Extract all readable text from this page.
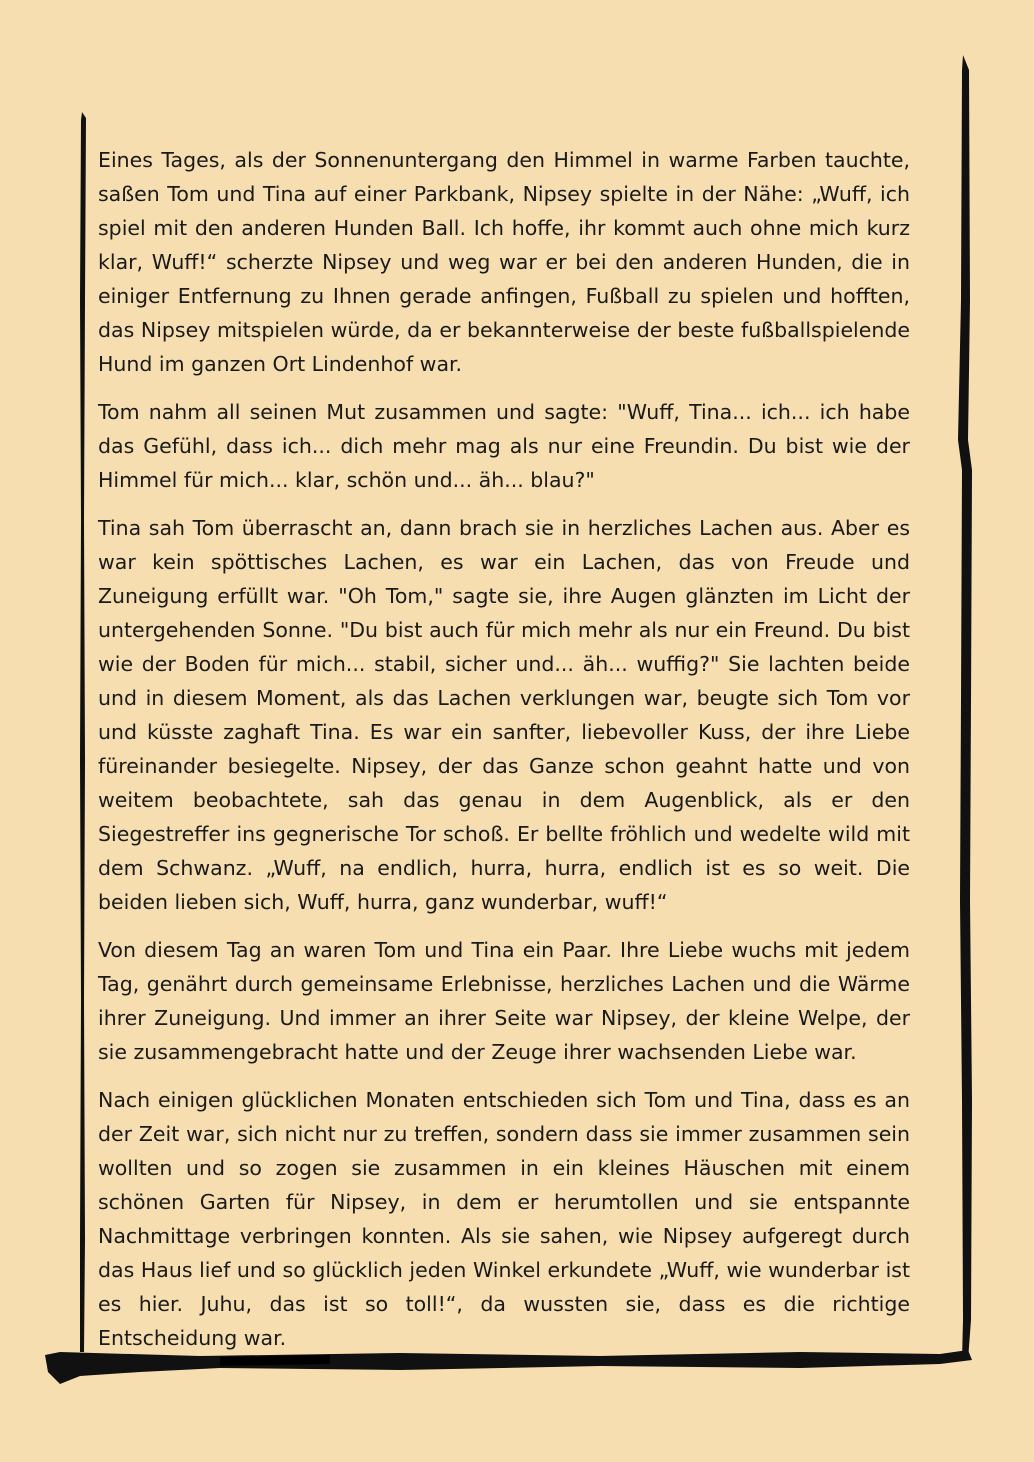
Eines Tages, als der Sonnenuntergang den Himmel in warme Farben tauchte, saßen Tom und Tina auf einer Parkbank, Nipsey spielte in der Nähe: „Wuff, ich spiel mit den anderen Hunden Ball. Ich hoffe, ihr kommt auch ohne mich kurz klar, Wuff!“ scherzte Nipsey und weg war er bei den anderen Hunden, die in einiger Entfernung zu Ihnen gerade anfingen, Fußball zu spielen und hofften, das Nipsey mitspielen würde, da er bekannterweise der beste fußballspielende Hund im ganzen Ort Lindenhof war.

Tom nahm all seinen Mut zusammen und sagte: "Wuff, Tina... ich... ich habe das Gefühl, dass ich... dich mehr mag als nur eine Freundin. Du bist wie der Himmel für mich... klar, schön und... äh... blau?"

Tina sah Tom überrascht an, dann brach sie in herzliches Lachen aus. Aber es war kein spöttisches Lachen, es war ein Lachen, das von Freude und Zuneigung erfüllt war. "Oh Tom," sagte sie, ihre Augen glänzten im Licht der untergehenden Sonne. "Du bist auch für mich mehr als nur ein Freund. Du bist wie der Boden für mich... stabil, sicher und... äh... wuffig?" Sie lachten beide und in diesem Moment, als das Lachen verklungen war, beugte sich Tom vor und küsste zaghaft Tina. Es war ein sanfter, liebevoller Kuss, der ihre Liebe füreinander besiegelte. Nipsey, der das Ganze schon geahnt hatte und von weitem beobachtete, sah das genau in dem Augenblick, als er den Siegestreffer ins gegnerische Tor schoß. Er bellte fröhlich und wedelte wild mit dem Schwanz. „Wuff, na endlich, hurra, hurra, endlich ist es so weit. Die beiden lieben sich, Wuff, hurra, ganz wunderbar, wuff!“

Von diesem Tag an waren Tom und Tina ein Paar. Ihre Liebe wuchs mit jedem Tag, genährt durch gemeinsame Erlebnisse, herzliches Lachen und die Wärme ihrer Zuneigung. Und immer an ihrer Seite war Nipsey, der kleine Welpe, der sie zusammengebracht hatte und der Zeuge ihrer wachsenden Liebe war.

Nach einigen glücklichen Monaten entschieden sich Tom und Tina, dass es an der Zeit war, sich nicht nur zu treffen, sondern dass sie immer zusammen sein wollten und so zogen sie zusammen in ein kleines Häuschen mit einem schönen Garten für Nipsey, in dem er herumtollen und sie entspannte Nachmittage verbringen konnten. Als sie sahen, wie Nipsey aufgeregt durch das Haus lief und so glücklich jeden Winkel erkundete „Wuff, wie wunderbar ist es hier. Juhu, das ist so toll!“, da wussten sie, dass es die richtige Entscheidung war.
